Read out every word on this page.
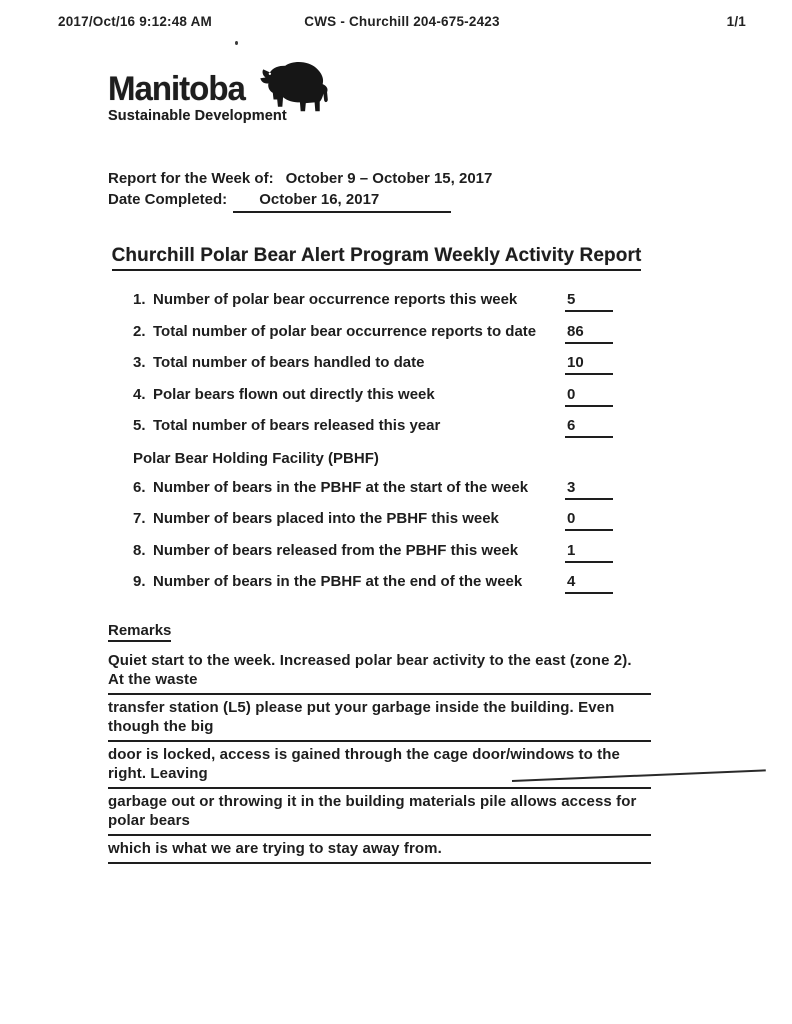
2017/Oct/16 9:12:48 AM	CWS - Churchill 204-675-2423	1/1
Manitoba
Sustainable Development
Report for the Week of: October 9 – October 15, 2017
Date Completed: October 16, 2017
Churchill Polar Bear Alert Program Weekly Activity Report
1. Number of polar bear occurrence reports this week	5
2. Total number of polar bear occurrence reports to date	86
3. Total number of bears handled to date	10
4. Polar bears flown out directly this week	0
5. Total number of bears released this year	6
Polar Bear Holding Facility (PBHF)
6. Number of bears in the PBHF at the start of the week	3
7. Number of bears placed into the PBHF this week	0
8. Number of bears released from the PBHF this week	1
9. Number of bears in the PBHF at the end of the week	4
Remarks
Quiet start to the week. Increased polar bear activity to the east (zone 2). At the waste
transfer station (L5) please put your garbage inside the building. Even though the big
door is locked, access is gained through the cage door/windows to the right. Leaving
garbage out or throwing it in the building materials pile allows access for polar bears
which is what we are trying to stay away from.
